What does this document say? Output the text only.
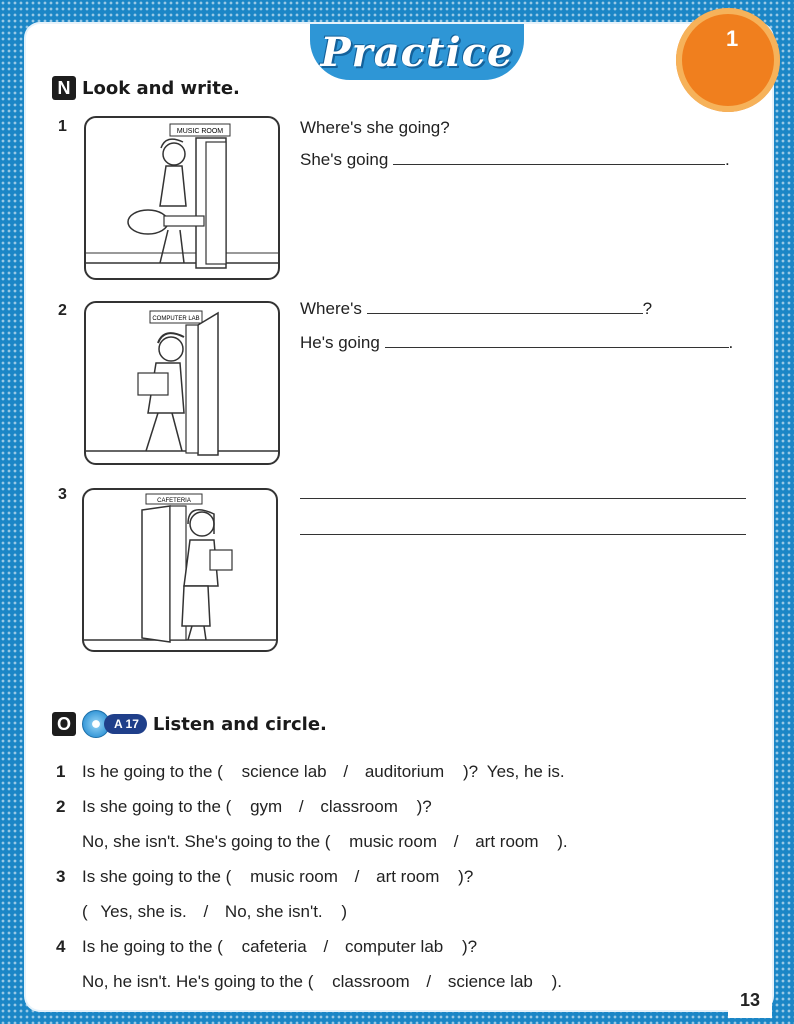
Practice	1
N Look and write.
1	MUSIC ROOM	Where's she going?
She's going	.
2	COMPUTER LAB
Where's	?
He's going	.
3	CAFETERIA
O	A 17 Listen and circle.
1 Is he going to the ( science lab / auditorium )? Yes, he is.
2 Is she going to the ( gym / classroom )?
No, she isn't. She's going to the ( music room / art room ).
3 Is she going to the ( music room / art room )?
( Yes, she is. / No, she isn't. )
4 Is he going to the ( cafeteria / computer lab )?
No, he isn't. He's going to the ( classroom / science lab ).
13
